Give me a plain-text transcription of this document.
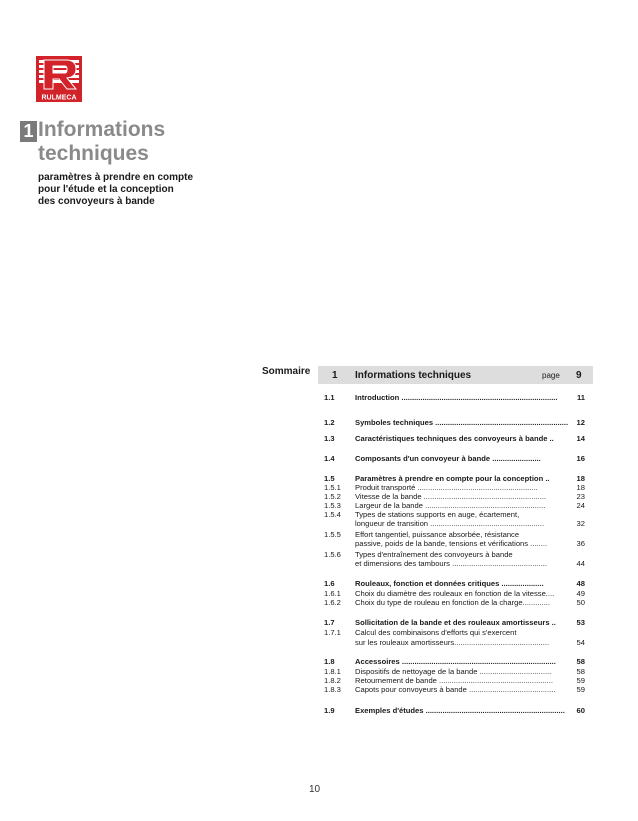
RULMECA
1 Informations
techniques
paramètres à prendre en compte
pour l'étude et la conception
des convoyeurs à bande
Sommaire 1 Informations techniques	page 9
1.1	Introduction ..........................................................................	11
1.2	Symboles techniques ...............................................................	12
1.3	Caractéristiques techniques des convoyeurs à bande ..	14
1.4	Composants d'un convoyeur à bande .......................	16
1.5	Paramètres à prendre en compte pour la conception ..	18
1.5.1	Produit transporté .........................................................	18
1.5.2	Vitesse de la bande ..........................................................	23
1.5.3	Largeur de la bande .........................................................	24
1.5.4	Types de stations supports en auge, écartement,
longueur de transition ......................................................	32
1.5.5	Effort tangentiel, puissance absorbée, résistance
passive, poids de la bande, tensions et vérifications ........	36
1.5.6	Types d'entraînement des convoyeurs à bande
et dimensions des tambours .............................................	44
1.6	Rouleaux, fonction et données critiques ....................	48
1.6.1	Choix du diamètre des rouleaux en fonction de la vitesse....	49
1.6.2	Choix du type de rouleau en fonction de la charge.............	50
1.7	Sollicitation de la bande et des rouleaux amortisseurs ..	53
1.7.1	Calcul des combinaisons d'efforts qui s'exercent
sur les rouleaux amortisseurs.............................................	54
1.8	Accessoires .........................................................................	58
1.8.1	Dispositifs de nettoyage de la bande ..................................	58
1.8.2	Retournement de bande ......................................................	59
1.8.3	Capots pour convoyeurs à bande .........................................	59
1.9	Exemples d'études ..................................................................	60
10
